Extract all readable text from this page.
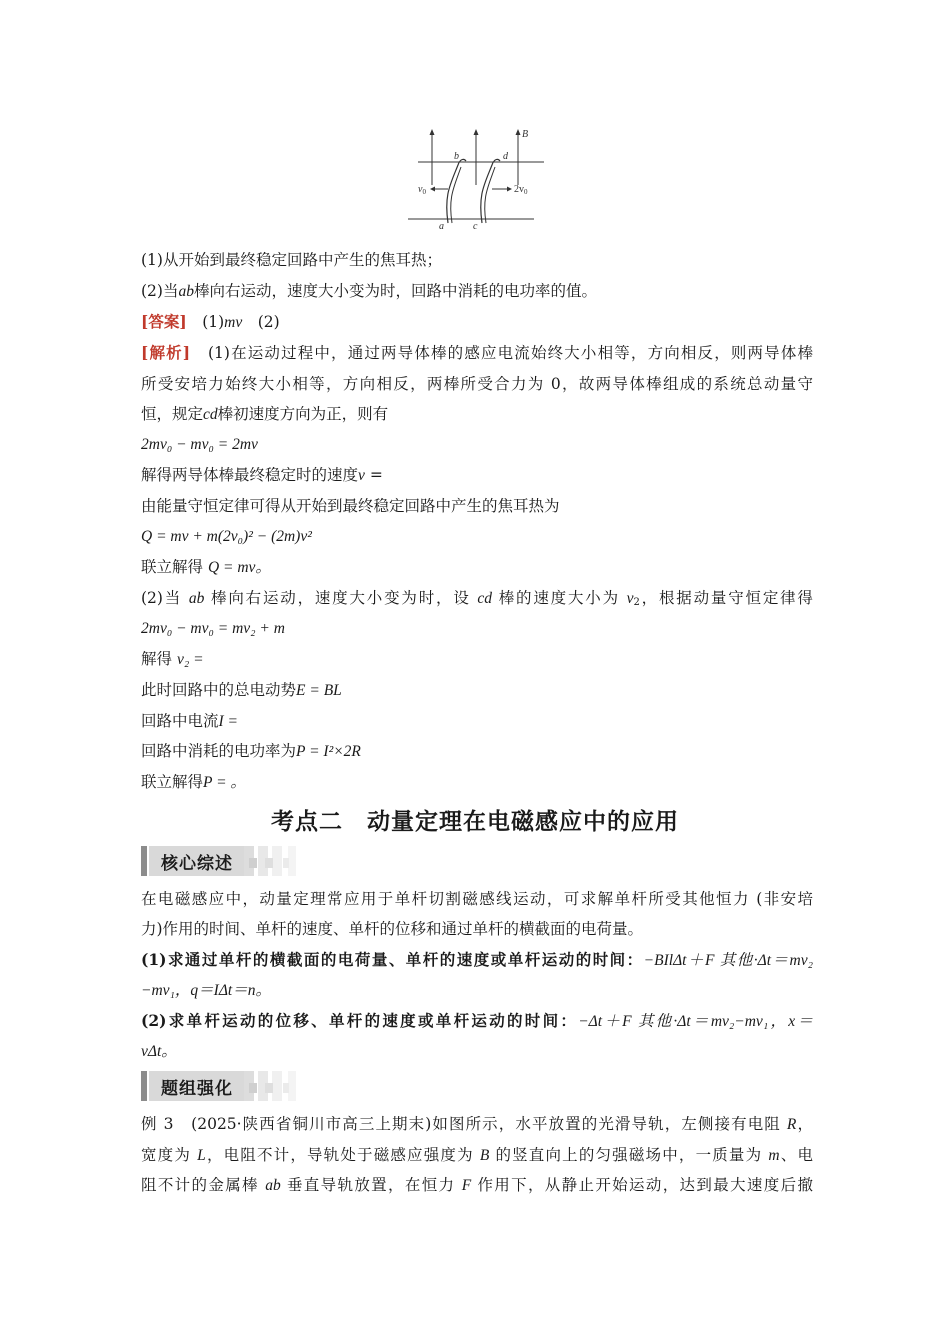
b	d
B
a	c
$v_0$	$2v_0$
(1)从开始到最终稳定回路中产生的焦耳热；
(2)当ab棒向右运动，速度大小变为时，回路中消耗的电功率的值。
[答案]　 (1)mv　(2)
[解析]　 (1)在运动过程中，通过两导体棒的感应电流始终大小相等，方向相反，则两导体棒
所受安培力始终大小相等，方向相反，两棒所受合力为 0，故两导体棒组成的系统总动量守
恒，规定cd棒初速度方向为正，则有
2mv₀ − mv₀ = 2mv
解得两导体棒最终稳定时的速度v =
由能量守恒定律可得从开始到最终稳定回路中产生的焦耳热为
Q = mv + m(2v₀)² − (2m)v²
联立解得 Q = mv。
(2)当 ab 棒向右运动，速度大小变为时，设 cd 棒的速度大小为 $v_2$，根据动量守恒定律得
2mv₀ − mv₀ = mv₂ + m
解得 v₂ =
此时回路中的总电动势E = BL
回路中电流I =
回路中消耗的电功率为P = I²×2R
联立解得P = 。
考点二　动量定理在电磁感应中的应用
核心综述
在电磁感应中，动量定理常应用于单杆切割磁感线运动，可求解单杆所受其他恒力 (非安培
力)作用的时间、单杆的速度、单杆的位移和通过单杆的横截面的电荷量。
(1)求通过单杆的横截面的电荷量、单杆的速度或单杆运动的时间：−BIlΔt＋F 其他·Δt＝mv₂
−mv₁，q＝IΔt＝n。
(2)求单杆运动的位移、单杆的速度或单杆运动的时间：−Δt＋F 其他·Δt＝mv₂−mv₁，x＝
vΔt。
题组强化
例 3　(2025·陕西省铜川市高三上期末)如图所示，水平放置的光滑导轨，左侧接有电阻 R，
宽度为 L，电阻不计，导轨处于磁感应强度为 B 的竖直向上的匀强磁场中，一质量为 m、电
阻不计的金属棒 ab 垂直导轨放置，在恒力 F 作用下，从静止开始运动，达到最大速度后撤
